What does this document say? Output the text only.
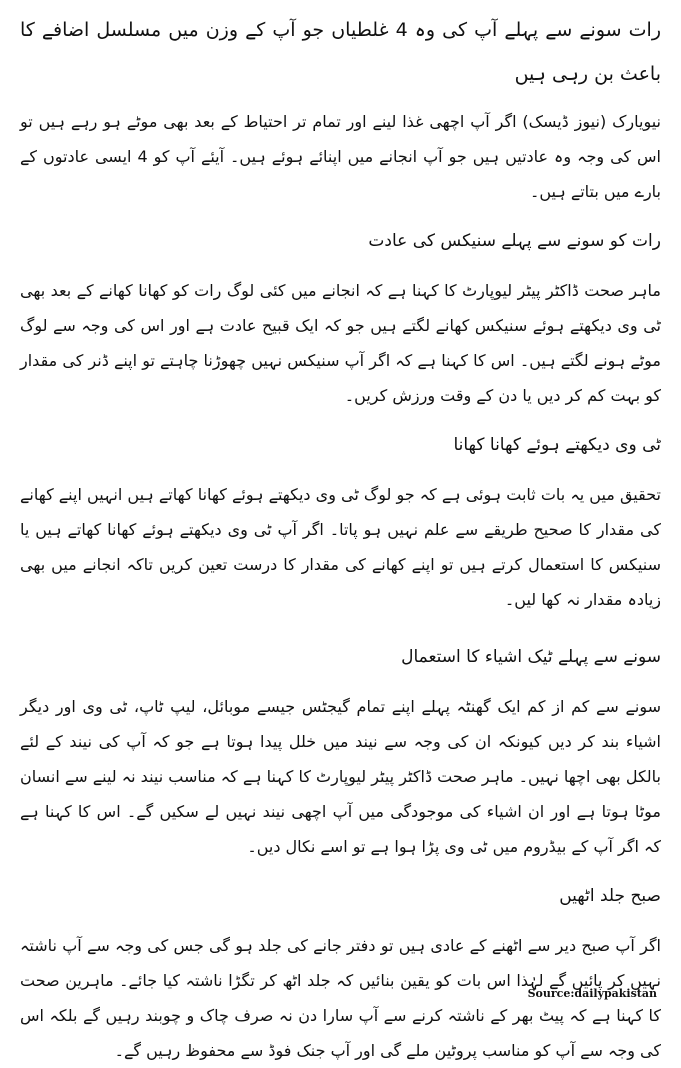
رات سونے سے پہلے آپ کی وہ 4 غلطیاں جو آپ کے وزن میں مسلسل اضافے کا باعث بن رہی ہیں

نیویارک (نیوز ڈیسک) اگر آپ اچھی غذا لینے اور تمام تر احتیاط کے بعد بھی موٹے ہو رہے ہیں تو اس کی وجہ وہ عادتیں ہیں جو آپ انجانے میں اپنائے ہوئے ہیں۔ آیئے آپ کو 4 ایسی عادتوں کے بارے میں بتاتے ہیں۔

رات کو سونے سے پہلے سنیکس کی عادت

ماہر صحت ڈاکٹر پیٹر لیوپارٹ کا کہنا ہے کہ انجانے میں کئی لوگ رات کو کھانا کھانے کے بعد بھی ٹی وی دیکھتے ہوئے سنیکس کھانے لگتے ہیں جو کہ ایک قبیح عادت ہے اور اس کی وجہ سے لوگ موٹے ہونے لگتے ہیں۔ اس کا کہنا ہے کہ اگر آپ سنیکس نہیں چھوڑنا چاہتے تو اپنے ڈنر کی مقدار کو بہت کم کر دیں یا دن کے وقت ورزش کریں۔

ٹی وی دیکھتے ہوئے کھانا کھانا

تحقیق میں یہ بات ثابت ہوئی ہے کہ جو لوگ ٹی وی دیکھتے ہوئے کھانا کھاتے ہیں انہیں اپنے کھانے کی مقدار کا صحیح طریقے سے علم نہیں ہو پاتا۔ اگر آپ ٹی وی دیکھتے ہوئے کھانا کھاتے ہیں یا سنیکس کا استعمال کرتے ہیں تو اپنے کھانے کی مقدار کا درست تعین کریں تاکہ انجانے میں بھی زیادہ مقدار نہ کھا لیں۔

سونے سے پہلے ٹیک اشیاء کا استعمال

سونے سے کم از کم ایک گھنٹہ پہلے اپنے تمام گیجٹس جیسے موبائل، لیپ ٹاپ، ٹی وی اور دیگر اشیاء بند کر دیں کیونکہ ان کی وجہ سے نیند میں خلل پیدا ہوتا ہے جو کہ آپ کی نیند کے لئے بالکل بھی اچھا نہیں۔ ماہر صحت ڈاکٹر پیٹر لیوپارٹ کا کہنا ہے کہ مناسب نیند نہ لینے سے انسان موٹا ہوتا ہے اور ان اشیاء کی موجودگی میں آپ اچھی نیند نہیں لے سکیں گے۔ اس کا کہنا ہے کہ اگر آپ کے بیڈروم میں ٹی وی پڑا ہوا ہے تو اسے نکال دیں۔

صبح جلد اٹھیں

اگر آپ صبح دیر سے اٹھنے کے عادی ہیں تو دفتر جانے کی جلد ہو گی جس کی وجہ سے آپ ناشتہ نہیں کر پائیں گے لہٰذا اس بات کو یقین بنائیں کہ جلد اٹھ کر تگڑا ناشتہ کیا جائے۔ ماہرین صحت کا کہنا ہے کہ پیٹ بھر کے ناشتہ کرنے سے آپ سارا دن نہ صرف چاک و چوبند رہیں گے بلکہ اس کی وجہ سے آپ کو مناسب پروٹین ملے گی اور آپ جنک فوڈ سے محفوظ رہیں گے۔

Source:dailypakistan
